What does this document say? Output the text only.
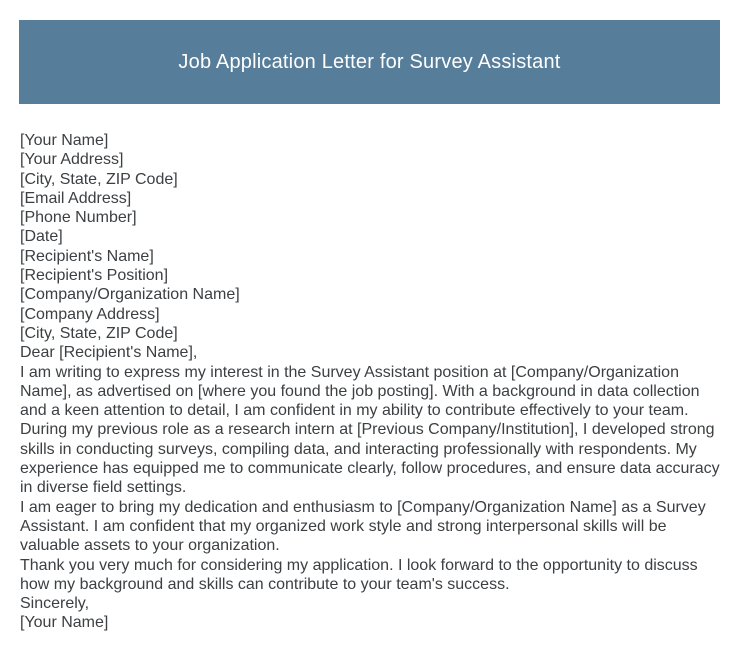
Job Application Letter for Survey Assistant
[Your Name]
[Your Address]
[City, State, ZIP Code]
[Email Address]
[Phone Number]
[Date]
[Recipient's Name]
[Recipient's Position]
[Company/Organization Name]
[Company Address]
[City, State, ZIP Code]
Dear [Recipient's Name],

I am writing to express my interest in the Survey Assistant position at [Company/Organization Name], as advertised on [where you found the job posting]. With a background in data collection and a keen attention to detail, I am confident in my ability to contribute effectively to your team.

During my previous role as a research intern at [Previous Company/Institution], I developed strong skills in conducting surveys, compiling data, and interacting professionally with respondents. My experience has equipped me to communicate clearly, follow procedures, and ensure data accuracy in diverse field settings.

I am eager to bring my dedication and enthusiasm to [Company/Organization Name] as a Survey Assistant. I am confident that my organized work style and strong interpersonal skills will be valuable assets to your organization.

Thank you very much for considering my application. I look forward to the opportunity to discuss how my background and skills can contribute to your team's success.

Sincerely,
[Your Name]
